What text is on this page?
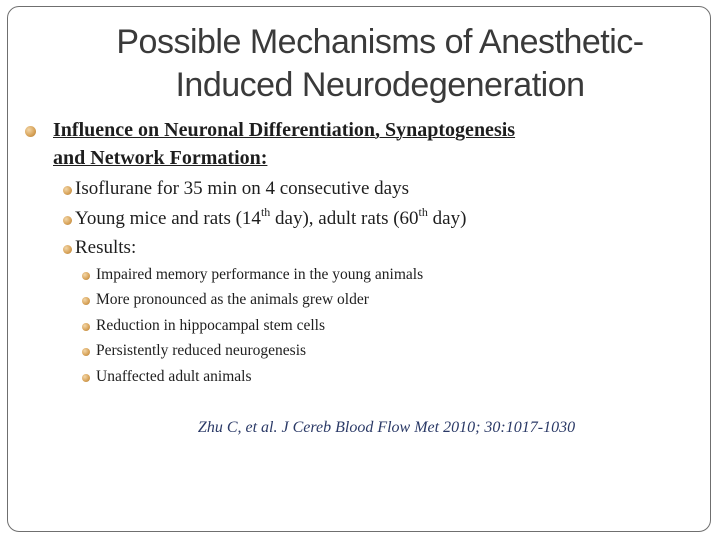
Possible Mechanisms of Anesthetic-
Induced Neurodegeneration
Influence on Neuronal Differentiation, Synaptogenesis
and Network Formation:
Isoflurane for 35 min on 4 consecutive days
Young mice and rats (14th day), adult rats (60th day)
Results:
Impaired memory performance in the young animals
More pronounced as the animals grew older
Reduction in hippocampal stem cells
Persistently reduced neurogenesis
Unaffected adult animals
Zhu C, et al. J Cereb Blood Flow Met 2010; 30:1017-1030
